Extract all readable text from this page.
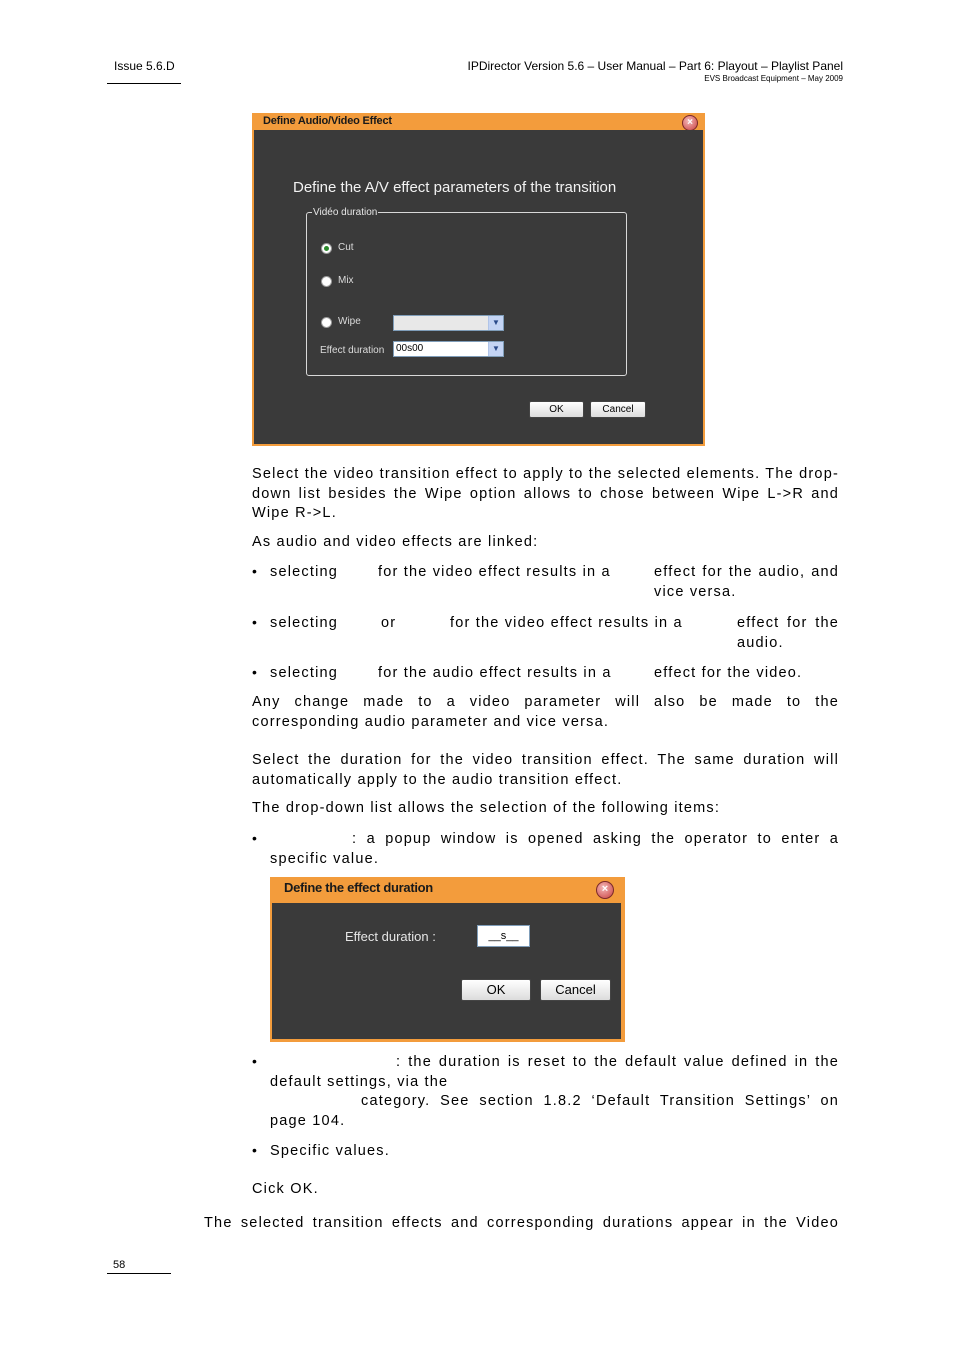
Issue 5.6.D	IPDirector Version 5.6 – User Manual – Part 6: Playout – Playlist Panel
EVS Broadcast Equipment – May 2009
Define Audio/Video Effect	×
Define the A/V effect parameters of the transition
Vidéo duration
Cut
Mix
Wipe	▼
Effect duration 00s00	▼
OK	Cancel
Select the video transition effect to apply to the selected elements. The drop-down list besides the Wipe option allows to chose between Wipe L->R and Wipe R->L.
As audio and video effects are linked:
• selecting	for the video effect results in a	effect for the audio, and vice versa.
• selecting	or	for the video effect results in a	effect for the audio.
• selecting	for the audio effect results in a	effect for the video.
Any change made to a video parameter will also be made to the corresponding audio parameter and vice versa.
Select the duration for the video transition effect. The same duration will automatically apply to the audio transition effect.
The drop-down list allows the selection of the following items:
•	: a popup window is opened asking the operator to enter a specific value.
Define the effect duration	×
Effect duration :	__s__
OK	Cancel
•	: the duration is reset to the default value defined in the default settings, via the
category. See section 1.8.2 ‘Default Transition Settings’ on page 104.
• Specific values.
Cick OK.
The selected transition effects and corresponding durations appear in the Video
58
